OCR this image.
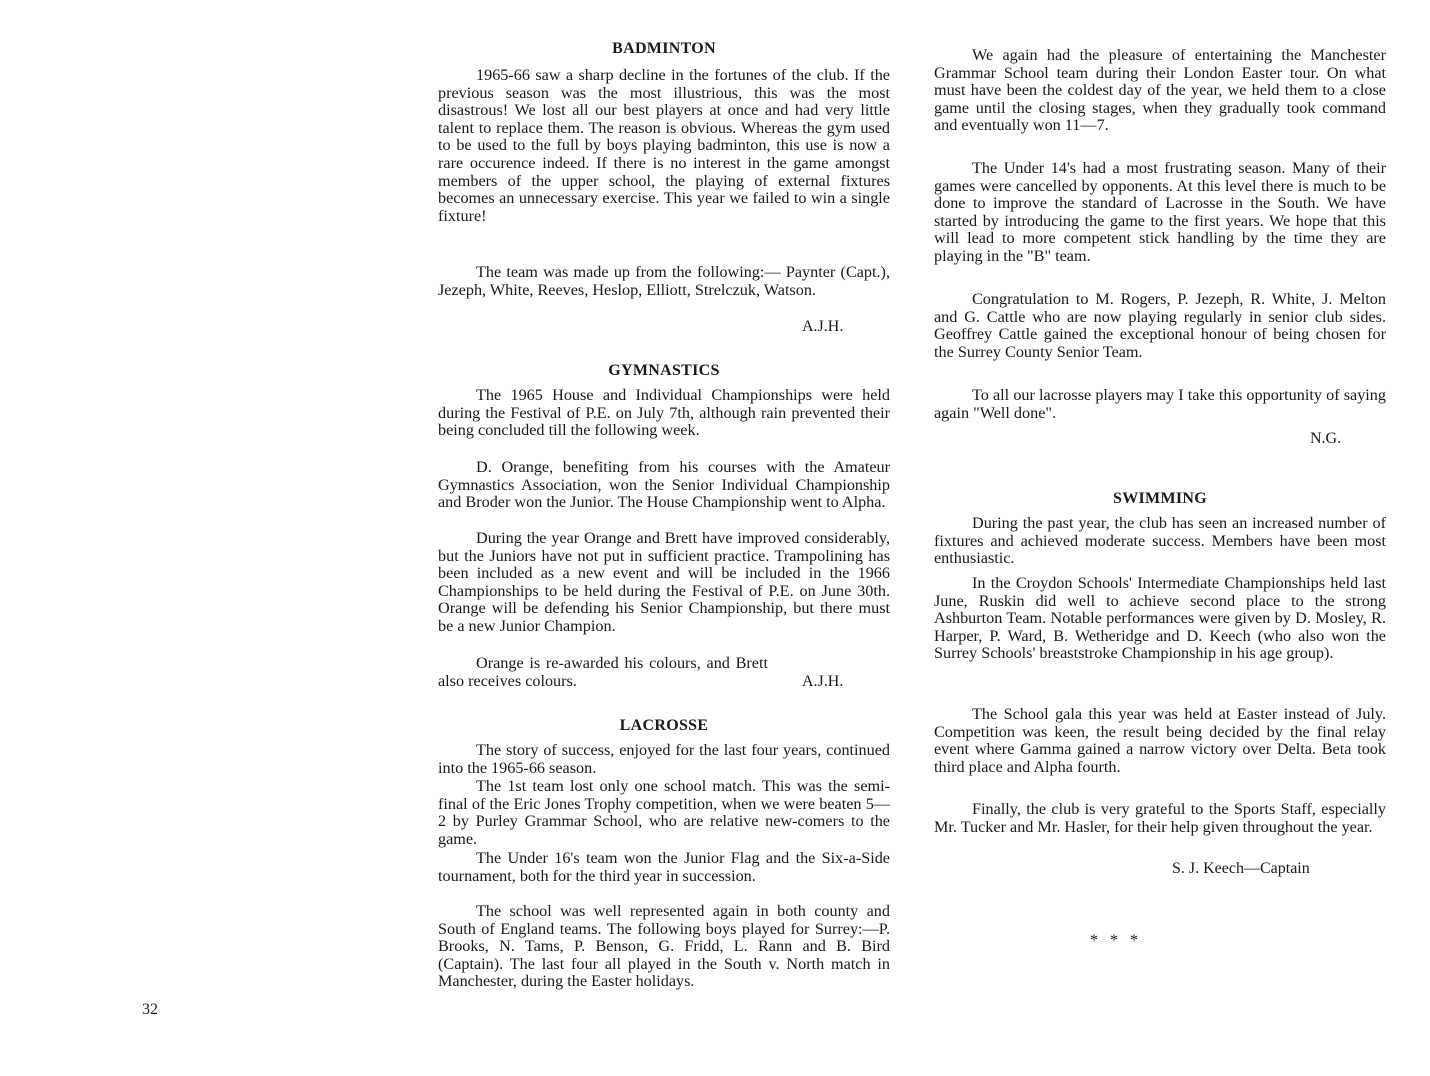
BADMINTON
1965-66 saw a sharp decline in the fortunes of the club. If the previous season was the most illustrious, this was the most disastrous! We lost all our best players at once and had very little talent to replace them. The reason is obvious. Whereas the gym used to be used to the full by boys playing badminton, this use is now a rare occurence indeed. If there is no interest in the game amongst members of the upper school, the playing of external fixtures becomes an unnecessary exercise. This year we failed to win a single fixture!
The team was made up from the following:— Paynter (Capt.), Jezeph, White, Reeves, Heslop, Elliott, Strelczuk, Watson.
A.J.H.
GYMNASTICS
The 1965 House and Individual Championships were held during the Festival of P.E. on July 7th, although rain prevented their being concluded till the following week.
D. Orange, benefiting from his courses with the Amateur Gymnastics Association, won the Senior Individual Championship and Broder won the Junior. The House Championship went to Alpha.
During the year Orange and Brett have improved considerably, but the Juniors have not put in sufficient practice. Trampolining has been included as a new event and will be included in the 1966 Championships to be held during the Festival of P.E. on June 30th. Orange will be defending his Senior Championship, but there must be a new Junior Champion.
Orange is re-awarded his colours, and Brett also receives colours.	A.J.H.
LACROSSE
The story of success, enjoyed for the last four years, continued into the 1965-66 season.
The 1st team lost only one school match. This was the semi-final of the Eric Jones Trophy competition, when we were beaten 5—2 by Purley Grammar School, who are relative new-comers to the game.
The Under 16's team won the Junior Flag and the Six-a-Side tournament, both for the third year in succession.
The school was well represented again in both county and South of England teams. The following boys played for Surrey:—P. Brooks, N. Tams, P. Benson, G. Fridd, L. Rann and B. Bird (Captain). The last four all played in the South v. North match in Manchester, during the Easter holidays.
We again had the pleasure of entertaining the Manchester Grammar School team during their London Easter tour. On what must have been the coldest day of the year, we held them to a close game until the closing stages, when they gradually took command and eventually won 11—7.
The Under 14's had a most frustrating season. Many of their games were cancelled by opponents. At this level there is much to be done to improve the standard of Lacrosse in the South. We have started by introducing the game to the first years. We hope that this will lead to more competent stick handling by the time they are playing in the "B" team.
Congratulation to M. Rogers, P. Jezeph, R. White, J. Melton and G. Cattle who are now playing regularly in senior club sides. Geoffrey Cattle gained the exceptional honour of being chosen for the Surrey County Senior Team.
To all our lacrosse players may I take this opportunity of saying again "Well done".
N.G.
SWIMMING
During the past year, the club has seen an increased number of fixtures and achieved moderate success. Members have been most enthusiastic.
In the Croydon Schools' Intermediate Championships held last June, Ruskin did well to achieve second place to the strong Ashburton Team. Notable performances were given by D. Mosley, R. Harper, P. Ward, B. Wetheridge and D. Keech (who also won the Surrey Schools' breaststroke Championship in his age group).
The School gala this year was held at Easter instead of July. Competition was keen, the result being decided by the final relay event where Gamma gained a narrow victory over Delta. Beta took third place and Alpha fourth.
Finally, the club is very grateful to the Sports Staff, especially Mr. Tucker and Mr. Hasler, for their help given throughout the year.
S. J. Keech—Captain
*   *   *
32
